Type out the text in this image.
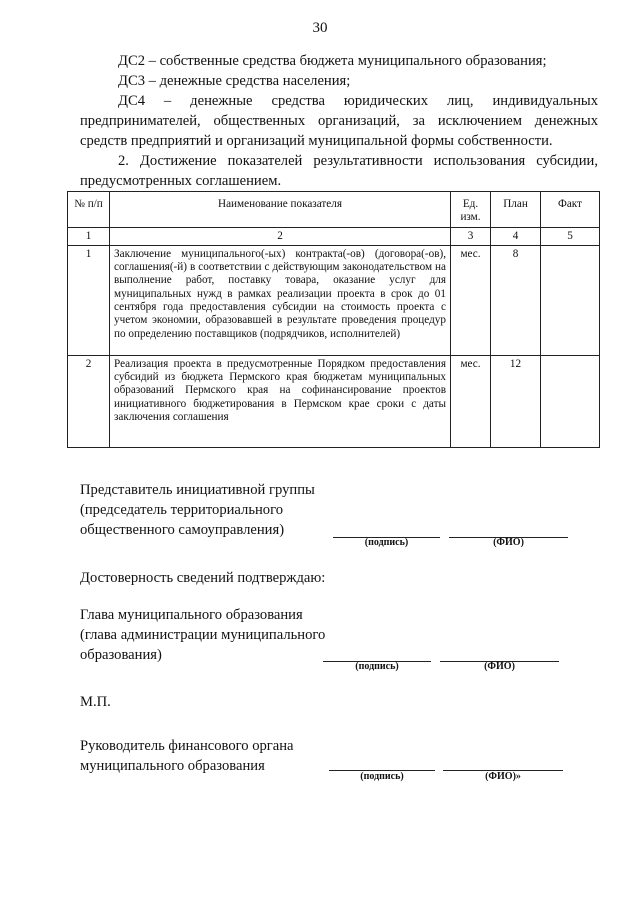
30
ДС2 – собственные средства бюджета муниципального образования;
ДС3 – денежные средства населения;
ДС4 – денежные средства юридических лиц, индивидуальных
предпринимателей, общественных организаций, за исключением денежных
средств предприятий и организаций муниципальной формы собственности.
2. Достижение показателей результативности использования субсидии,
предусмотренных соглашением.
№ п/п	Наименование показателя	Ед. изм.	План	Факт
1	2	3	4	5
1	Заключение муниципального(-ых) контракта(-ов) (договора(-ов), соглашения(-й) в соответствии с действующим законодательством на выполнение работ, поставку товара, оказание услуг для муниципальных нужд в рамках реализации проекта в срок до 01 сентября года предоставления субсидии на стоимость проекта с учетом экономии, образовавшей в результате проведения процедур по определению поставщиков (подрядчиков, исполнителей)	мес.	8	
2	Реализация проекта в предусмотренные Порядком предоставления субсидий из бюджета Пермского края бюджетам муниципальных образований Пермского края на софинансирование проектов инициативного бюджетирования в Пермском крае сроки с даты заключения соглашения	мес.	12	
Представитель инициативной группы
(председатель территориального
общественного самоуправления)
(подпись)	(ФИО)
Достоверность сведений подтверждаю:
Глава муниципального образования
(глава администрации муниципального
образования)
(подпись)	(ФИО)
М.П.
Руководитель финансового органа
муниципального образования
(подпись)	(ФИО)»
